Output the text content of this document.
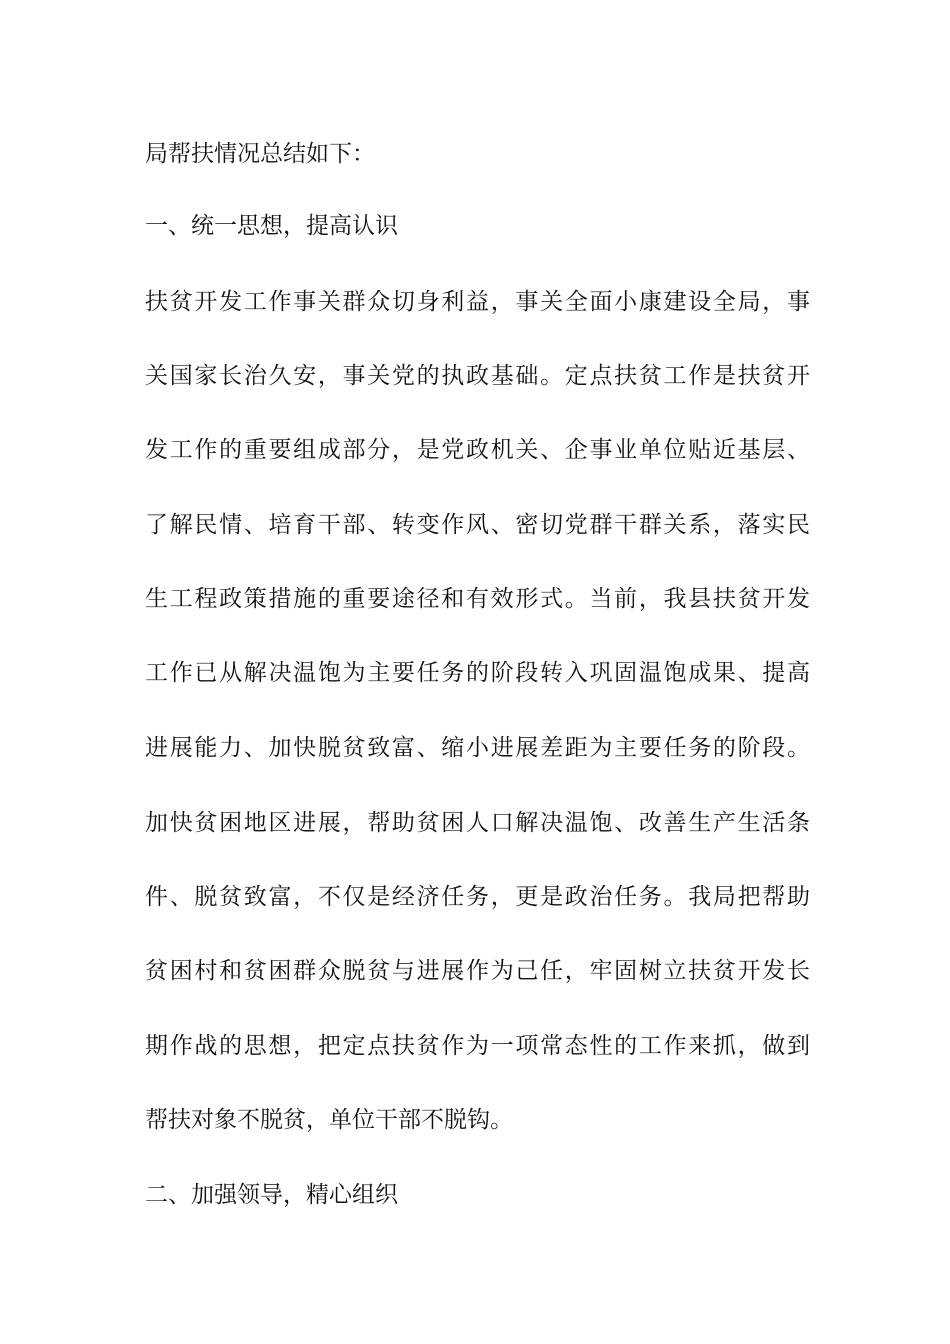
局帮扶情况总结如下：
一、统一思想，提高认识
扶贫开发工作事关群众切身利益，事关全面小康建设全局，事
关国家长治久安，事关党的执政基础。定点扶贫工作是扶贫开
发工作的重要组成部分，是党政机关、企事业单位贴近基层、
了解民情、培育干部、转变作风、密切党群干群关系，落实民
生工程政策措施的重要途径和有效形式。当前，我县扶贫开发
工作已从解决温饱为主要任务的阶段转入巩固温饱成果、提高
进展能力、加快脱贫致富、缩小进展差距为主要任务的阶段。
加快贫困地区进展，帮助贫困人口解决温饱、改善生产生活条
件、脱贫致富，不仅是经济任务，更是政治任务。我局把帮助
贫困村和贫困群众脱贫与进展作为己任，牢固树立扶贫开发长
期作战的思想，把定点扶贫作为一项常态性的工作来抓，做到
帮扶对象不脱贫，单位干部不脱钩。
二、加强领导，精心组织
